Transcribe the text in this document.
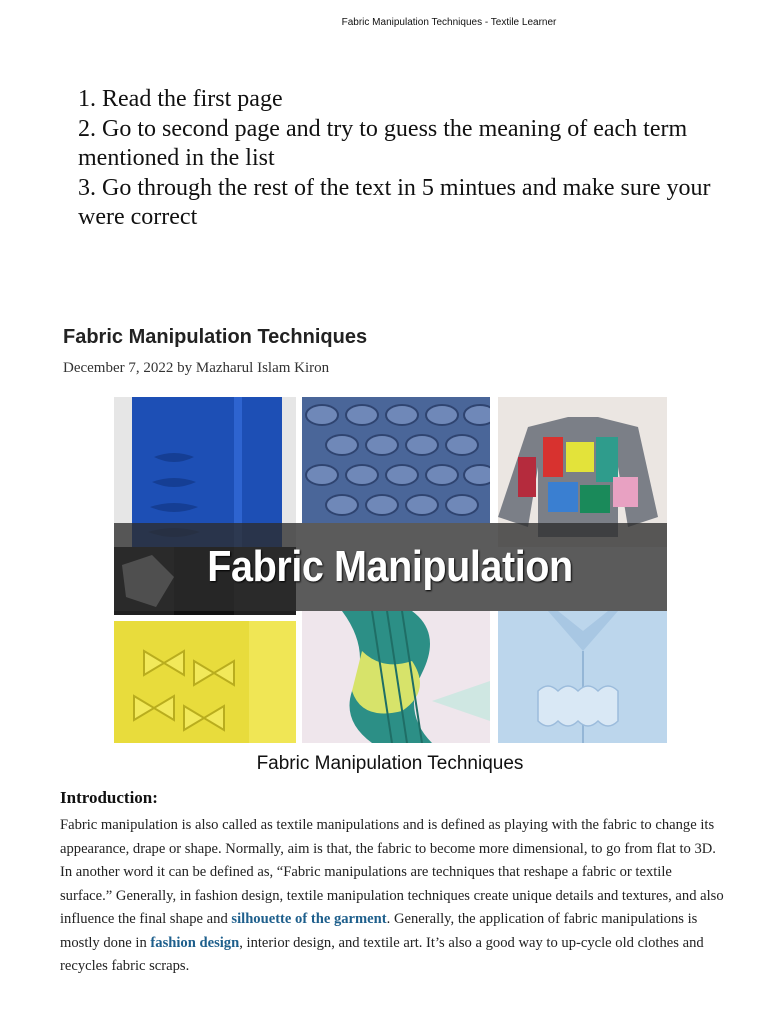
Fabric Manipulation Techniques - Textile Learner

1. Read the first page

2. Go to second page and try to guess the meaning of each term mentioned in the list

3. Go through the rest of the text in 5 mintues and make sure your were correct

Fabric Manipulation Techniques
December 7, 2022 by Mazharul Islam Kiron
Fabric Manipulation
Fabric Manipulation Techniques
Introduction:
Fabric manipulation is also called as textile manipulations and is defined as playing with the fabric to change its appearance, drape or shape. Normally, aim is that, the fabric to become more dimensional, to go from flat to 3D. In another word it can be defined as, “Fabric manipulations are techniques that reshape a fabric or textile surface.” Generally, in fashion design, textile manipulation techniques create unique details and textures, and also influence the final shape and silhouette of the garment. Generally, the application of fabric manipulations is mostly done in fashion design, interior design, and textile art. It’s also a good way to up-cycle old clothes and recycles fabric scraps.
